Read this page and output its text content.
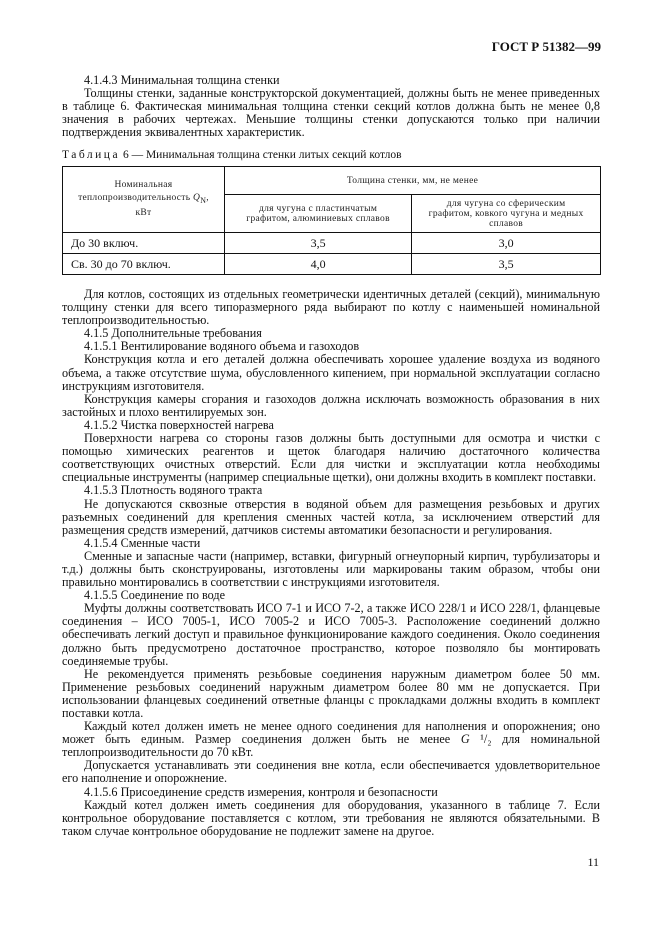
ГОСТ Р 51382—99

4.1.4.3 Минимальная толщина стенки

Толщины стенки, заданные конструкторской документацией, должны быть не менее приведенных в таблице 6. Фактическая минимальная толщина стенки секций котлов должна быть не менее 0,8 значения в рабочих чертежах. Меньшие толщины стенки допускаются только при наличии подтверждения эквивалентных характеристик.

Таблица 6 — Минимальная толщина стенки литых секций котлов
Номинальная
теплопроизводительность $Q_N$, кВт	Толщина стенки, мм, не менее	
	для чугуна с пластинчатым графитом, алюминиевых сплавов	для чугуна со сферическим графитом, ковкого чугуна и медных сплавов
До 30 включ.	3,5	3,0
Св. 30 до 70 включ.	4,0	3,5

Для котлов, состоящих из отдельных геометрически идентичных деталей (секций), минимальную толщину стенки для всего типоразмерного ряда выбирают по котлу с наименьшей номинальной теплопроизводительностью.

4.1.5 Дополнительные требования

4.1.5.1 Вентилирование водяного объема и газоходов

Конструкция котла и его деталей должна обеспечивать хорошее удаление воздуха из водяного объема, а также отсутствие шума, обусловленного кипением, при нормальной эксплуатации согласно инструкциям изготовителя.

Конструкция камеры сгорания и газоходов должна исключать возможность образования в них застойных и плохо вентилируемых зон.

4.1.5.2 Чистка поверхностей нагрева

Поверхности нагрева со стороны газов должны быть доступными для осмотра и чистки с помощью химических реагентов и щеток благодаря наличию достаточного количества соответствующих очистных отверстий. Если для чистки и эксплуатации котла необходимы специальные инструменты (например специальные щетки), они должны входить в комплект поставки.

4.1.5.3 Плотность водяного тракта

Не допускаются сквозные отверстия в водяной объем для размещения резьбовых и других разъемных соединений для крепления сменных частей котла, за исключением отверстий для размещения средств измерений, датчиков системы автоматики безопасности и регулирования.

4.1.5.4 Сменные части

Сменные и запасные части (например, вставки, фигурный огнеупорный кирпич, турбулизаторы и т.д.) должны быть сконструированы, изготовлены или маркированы таким образом, чтобы они правильно монтировались в соответствии с инструкциями изготовителя.

4.1.5.5 Соединение по воде

Муфты должны соответствовать ИСО 7-1 и ИСО 7-2, а также ИСО 228/1 и ИСО 228/1, фланцевые соединения – ИСО 7005-1, ИСО 7005-2 и ИСО 7005-3. Расположение соединений должно обеспечивать легкий доступ и правильное функционирование каждого соединения. Около соединения должно быть предусмотрено достаточное пространство, которое позволяло бы монтировать соединяемые трубы.

Не рекомендуется применять резьбовые соединения наружным диаметром более 50 мм. Применение резьбовых соединений наружным диаметром более 80 мм не допускается. При использовании фланцевых соединений ответные фланцы с прокладками должны входить в комплект поставки котла.

Каждый котел должен иметь не менее одного соединения для наполнения и опорожнения; оно может быть единым. Размер соединения должен быть не менее G ¹/₂ для номинальной теплопроизводительности до 70 кВт.

Допускается устанавливать эти соединения вне котла, если обеспечивается удовлетворительное его наполнение и опорожнение.

4.1.5.6 Присоединение средств измерения, контроля и безопасности

Каждый котел должен иметь соединения для оборудования, указанного в таблице 7. Если контрольное оборудование поставляется с котлом, эти требования не являются обязательными. В таком случае контрольное оборудование не подлежит замене на другое.

11
